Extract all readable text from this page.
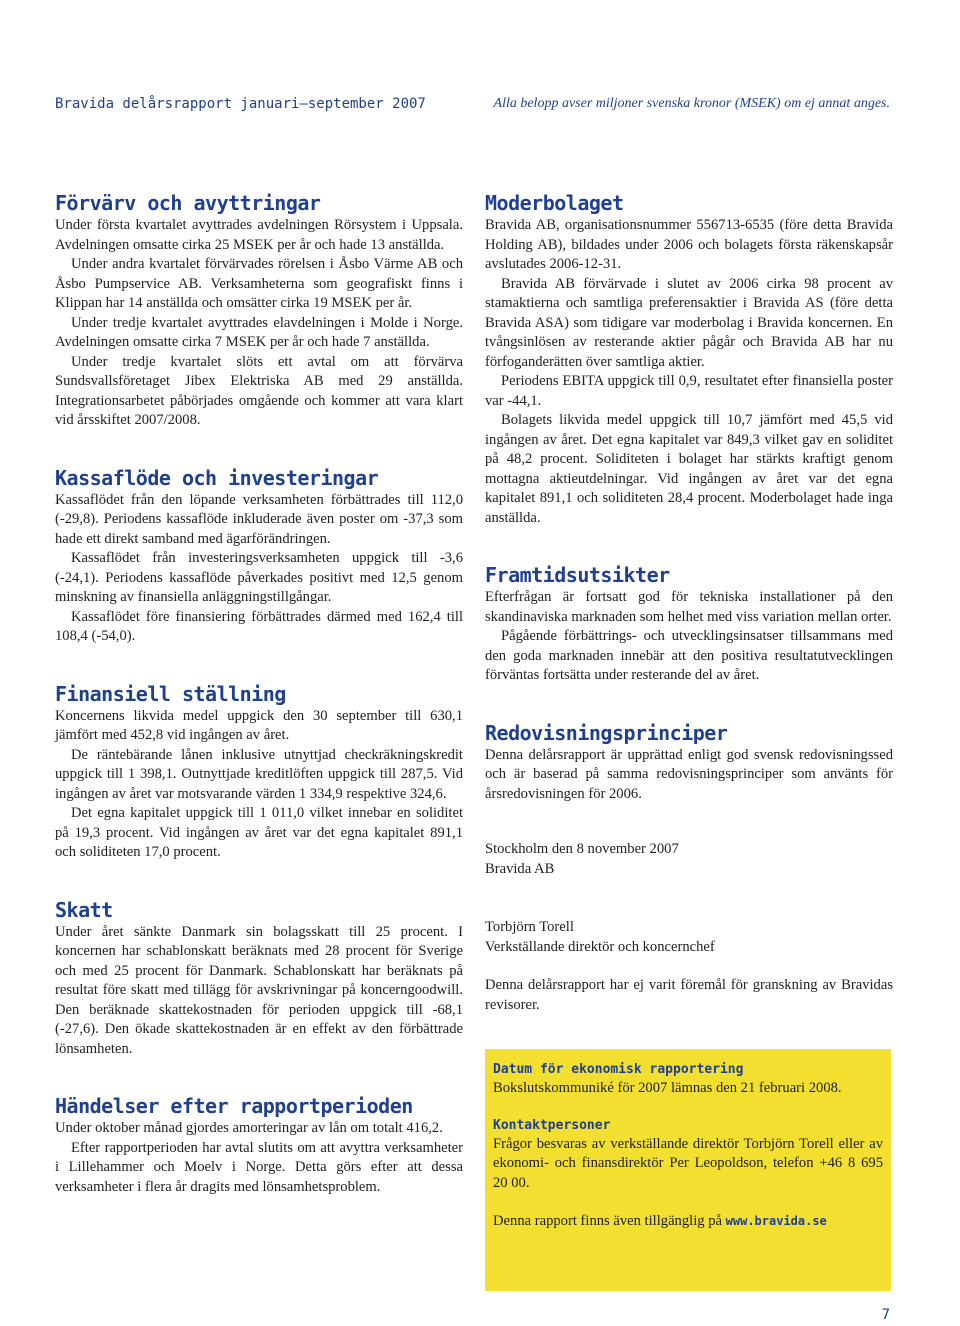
Bravida delårsrapport januari–september 2007	Alla belopp avser miljoner svenska kronor (MSEK) om ej annat anges.
Förvärv och avyttringar

Under första kvartalet avyttrades avdelningen Rörsystem i Uppsala. Avdelningen omsatte cirka 25 MSEK per år och hade 13 anställda.

Under andra kvartalet förvärvades rörelsen i Åsbo Värme AB och Åsbo Pumpservice AB. Verksamheterna som geografiskt finns i Klippan har 14 anställda och omsätter cirka 19 MSEK per år.

Under tredje kvartalet avyttrades elavdelningen i Molde i Norge. Avdelningen omsatte cirka 7 MSEK per år och hade 7 anställda.

Under tredje kvartalet slöts ett avtal om att förvärva Sundsvallsföretaget Jibex Elektriska AB med 29 anställda. Integrationsarbetet påbörjades omgående och kommer att vara klart vid årsskiftet 2007/2008.

Kassaflöde och investeringar

Kassaflödet från den löpande verksamheten förbättrades till 112,0 (-29,8). Periodens kassaflöde inkluderade även poster om -37,3 som hade ett direkt samband med ägarförändringen.

Kassaflödet från investeringsverksamheten uppgick till -3,6 (-24,1). Periodens kassaflöde påverkades positivt med 12,5 genom minskning av finansiella anläggningstillgångar.

Kassaflödet före finansiering förbättrades därmed med 162,4 till 108,4 (-54,0).

Finansiell ställning

Koncernens likvida medel uppgick den 30 september till 630,1 jämfört med 452,8 vid ingången av året.

De räntebärande lånen inklusive utnyttjad checkräkningskredit uppgick till 1 398,1. Outnyttjade kreditlöften uppgick till 287,5. Vid ingången av året var motsvarande värden 1 334,9 respektive 324,6.

Det egna kapitalet uppgick till 1 011,0 vilket innebar en soliditet på 19,3 procent. Vid ingången av året var det egna kapitalet 891,1 och soliditeten 17,0 procent.

Skatt

Under året sänkte Danmark sin bolagsskatt till 25 procent. I koncernen har schablonskatt beräknats med 28 procent för Sverige och med 25 procent för Danmark. Schablonskatt har beräknats på resultat före skatt med tillägg för avskrivningar på koncerngoodwill. Den beräknade skattekostnaden för perioden uppgick till -68,1 (-27,6). Den ökade skattekostnaden är en effekt av den förbättrade lönsamheten.

Händelser efter rapportperioden

Under oktober månad gjordes amorteringar av lån om totalt 416,2.

Efter rapportperioden har avtal slutits om att avyttra verksamheter i Lillehammer och Moelv i Norge. Detta görs efter att dessa verksamheter i flera år dragits med lönsamhetsproblem.

Moderbolaget

Bravida AB, organisationsnummer 556713-6535 (före detta Bravida Holding AB), bildades under 2006 och bolagets första räkenskapsår avslutades 2006-12-31.

Bravida AB förvärvade i slutet av 2006 cirka 98 procent av stamaktierna och samtliga preferensaktier i Bravida AS (före detta Bravida ASA) som tidigare var moderbolag i Bravida koncernen. En tvångsinlösen av resterande aktier pågår och Bravida AB har nu förfoganderätten över samtliga aktier.

Periodens EBITA uppgick till 0,9, resultatet efter finansiella poster var -44,1.

Bolagets likvida medel uppgick till 10,7 jämfört med 45,5 vid ingången av året. Det egna kapitalet var 849,3 vilket gav en soliditet på 48,2 procent. Soliditeten i bolaget har stärkts kraftigt genom mottagna aktieutdelningar. Vid ingången av året var det egna kapitalet 891,1 och soliditeten 28,4 procent. Moderbolaget hade inga anställda.

Framtidsutsikter

Efterfrågan är fortsatt god för tekniska installationer på den skandinaviska marknaden som helhet med viss variation mellan orter.

Pågående förbättrings- och utvecklingsinsatser tillsammans med den goda marknaden innebär att den positiva resultatutvecklingen förväntas fortsätta under resterande del av året.

Redovisningsprinciper

Denna delårsrapport är upprättad enligt god svensk redovisningssed och är baserad på samma redovisningsprinciper som använts för årsredovisningen för 2006.

Stockholm den 8 november 2007

Bravida AB

Torbjörn Torell

Verkställande direktör och koncernchef

Denna delårsrapport har ej varit föremål för granskning av Bravidas revisorer.

Datum för ekonomisk rapportering

Bokslutskommuniké för 2007 lämnas den 21 februari 2008.

Kontaktpersoner

Frågor besvaras av verkställande direktör Torbjörn Torell eller av ekonomi- och finansdirektör Per Leopoldson, telefon +46 8 695 20 00.

Denna rapport finns även tillgänglig på www.bravida.se

7
